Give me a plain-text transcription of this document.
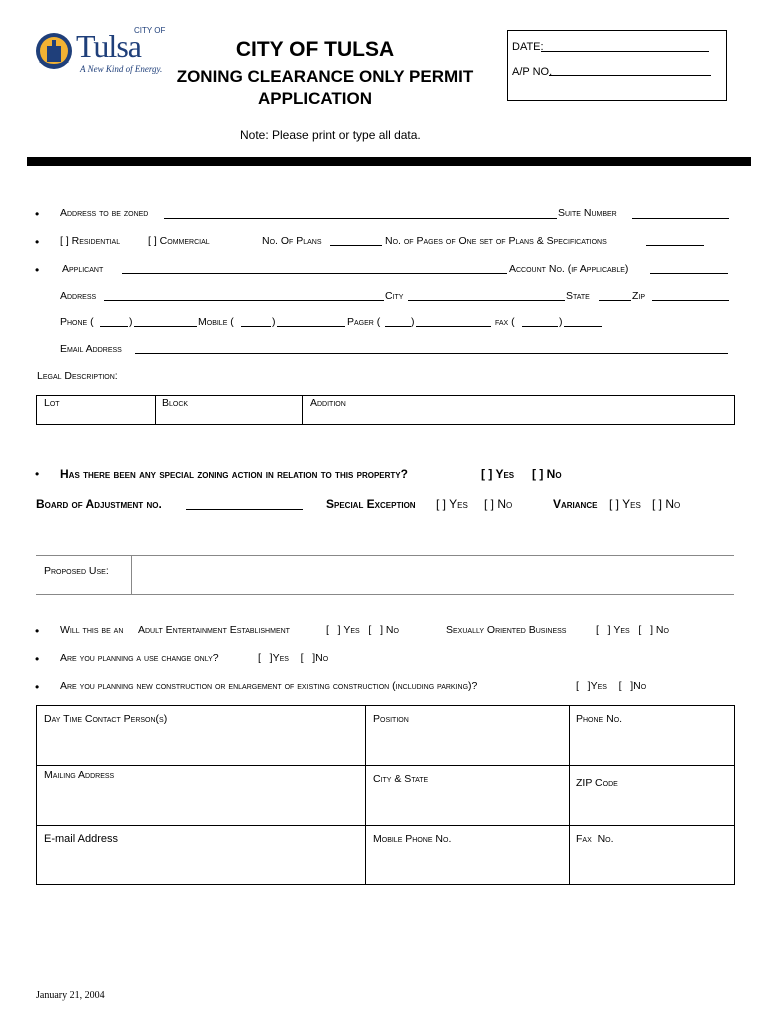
CITY OF
Tulsa
A New Kind of Energy.
CITY OF TULSA
ZONING CLEARANCE ONLY PERMIT
APPLICATION
Note: Please print or type all data.
DATE:
A/P NO.
• Address to be zoned	Suite Number
• [ ] Residential	[ ] Commercial	No. Of Plans	No. of Pages of One set of Plans & Specifications
• Applicant	Account No. (if Applicable)
Address	City	State	Zip
Phone (	)	Mobile (	)	Pager (	)	fax (	)
Email Address
Legal Description:
Lot	Block	Addition
• Has there been any special zoning action in relation to this property?	[ ] Yes [ ] No
Board of Adjustment no.	Special Exception [ ] Yes [ ] No	Variance [ ] Yes [ ] No
Proposed Use:
• Will this be an Adult Entertainment Establishment	[   ] Yes   [   ] No	Sexually Oriented Business	[   ] Yes   [   ] No
• Are you planning a use change only?	[   ]Yes    [   ]No
• Are you planning new construction or enlargement of existing construction (including parking)?	[   ]Yes    [   ]No
Day Time Contact Person(s)	Position	Phone No.
Mailing Address	City & State	ZIP Code
E-mail Address	Mobile Phone No.	Fax  No.
January 21, 2004
